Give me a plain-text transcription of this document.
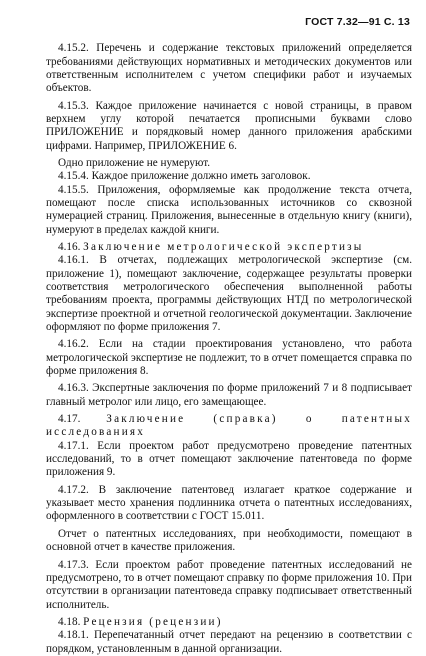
ГОСТ 7.32—91 С. 13

4.15.2. Перечень и содержание текстовых приложений определяется требованиями действующих нормативных и методических документов или ответственным исполнителем с учетом специфики работ и изучаемых объектов.

4.15.3. Каждое приложение начинается с новой страницы, в правом верхнем углу которой печатается прописными буквами слово ПРИЛОЖЕНИЕ и порядковый номер данного приложения арабскими цифрами. Например, ПРИЛОЖЕНИЕ 6.

Одно приложение не нумеруют.

4.15.4. Каждое приложение должно иметь заголовок.

4.15.5. Приложения, оформляемые как продолжение текста отчета, помещают после списка использованных источников со сквозной нумерацией страниц. Приложения, вынесенные в отдельную книгу (книги), нумеруют в пределах каждой книги.

4.16. Заключение метрологической экспертизы

4.16.1. В отчетах, подлежащих метрологической экспертизе (см. приложение 1), помещают заключение, содержащее результаты проверки соответствия метрологического обеспечения выполненной работы требованиям проекта, программы действующих НТД по метрологической экспертизе проектной и отчетной геологической документации. Заключение оформляют по форме приложения 7.

4.16.2. Если на стадии проектирования установлено, что работа метрологической экспертизе не подлежит, то в отчет помещается справка по форме приложения 8.

4.16.3. Экспертные заключения по форме приложений 7 и 8 подписывает главный метролог или лицо, его замещающее.

4.17. Заключение (справка) о патентных исследованиях

4.17.1. Если проектом работ предусмотрено проведение патентных исследований, то в отчет помещают заключение патентоведа по форме приложения 9.

4.17.2. В заключение патентовед излагает краткое содержание и указывает место хранения подлинника отчета о патентных исследованиях, оформленного в соответствии с ГОСТ 15.011.

Отчет о патентных исследованиях, при необходимости, помещают в основной отчет в качестве приложения.

4.17.3. Если проектом работ проведение патентных исследований не предусмотрено, то в отчет помещают справку по форме приложения 10. При отсутствии в организации патентоведа справку подписывает ответственный исполнитель.

4.18. Рецензия (рецензии)

4.18.1. Перепечатанный отчет передают на рецензию в соответствии с порядком, установленным в данной организации.
